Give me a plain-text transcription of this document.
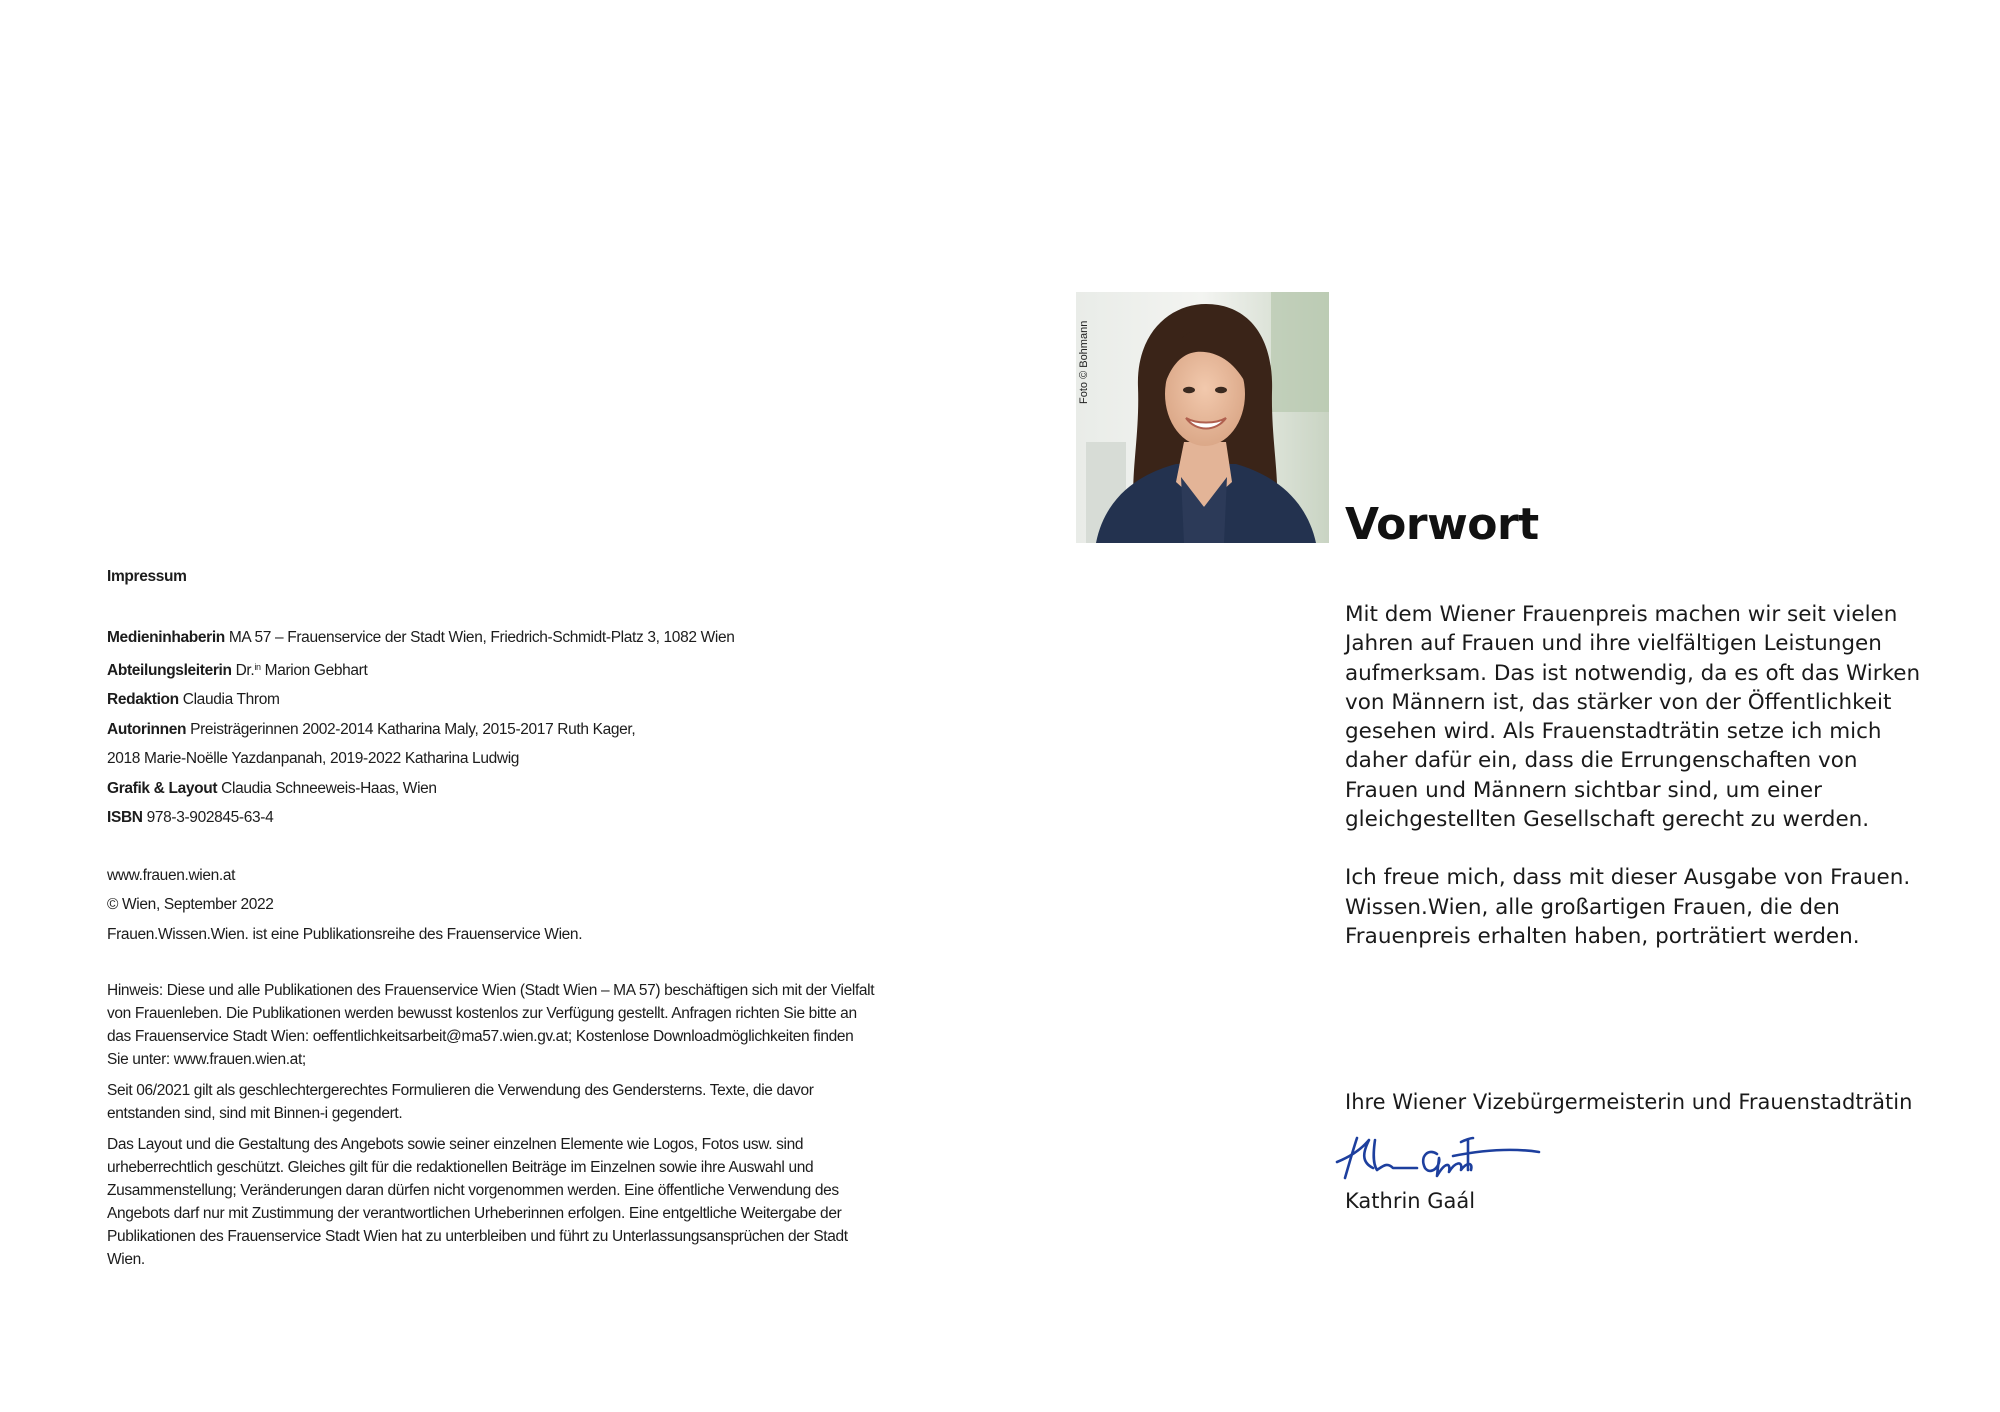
Impressum
Medieninhaberin MA 57 – Frauenservice der Stadt Wien, Friedrich-Schmidt-Platz 3, 1082 Wien
Abteilungsleiterin Dr.$^{in}$ Marion Gebhart
Redaktion Claudia Throm
Autorinnen Preisträgerinnen 2002-2014 Katharina Maly, 2015-2017 Ruth Kager,
2018 Marie-Noëlle Yazdanpanah, 2019-2022 Katharina Ludwig
Grafik & Layout Claudia Schneeweis-Haas, Wien
ISBN 978-3-902845-63-4
www.frauen.wien.at
© Wien, September 2022
Frauen.Wissen.Wien. ist eine Publikationsreihe des Frauenservice Wien.

Hinweis: Diese und alle Publikationen des Frauenservice Wien (Stadt Wien – MA 57) beschäftigen sich mit der Vielfalt von Frauenleben. Die Publikationen werden bewusst kostenlos zur Verfügung gestellt. Anfragen richten Sie bitte an das Frauenservice Stadt Wien: oeffentlichkeitsarbeit@ma57.wien.gv.at; Kostenlose Downloadmöglichkeiten finden Sie unter: www.frauen.wien.at;

Seit 06/2021 gilt als geschlechtergerechtes Formulieren die Verwendung des Gendersterns. Texte, die davor entstanden sind, sind mit Binnen-i gegendert.

Das Layout und die Gestaltung des Angebots sowie seiner einzelnen Elemente wie Logos, Fotos usw. sind urheberrechtlich geschützt. Gleiches gilt für die redaktionellen Beiträge im Einzelnen sowie ihre Auswahl und Zusammenstellung; Veränderungen daran dürfen nicht vorgenommen werden. Eine öffentliche Verwendung des Angebots darf nur mit Zustimmung der verantwortlichen Urheberinnen erfolgen. Eine entgeltliche Weitergabe der Publikationen des Frauenservice Stadt Wien hat zu unterbleiben und führt zu Unterlassungsansprüchen der Stadt Wien.

Foto © Bohmann
Vorwort

Mit dem Wiener Frauenpreis machen wir seit vielen Jahren auf Frauen und ihre vielfältigen Leistungen aufmerksam. Das ist notwendig, da es oft das Wirken von Männern ist, das stärker von der Öffentlichkeit gesehen wird. Als Frauenstadträtin setze ich mich daher dafür ein, dass die Errungenschaften von Frauen und Männern sichtbar sind, um einer gleichgestellten Gesellschaft gerecht zu werden.

Ich freue mich, dass mit dieser Ausgabe von Frauen. Wissen.Wien, alle großartigen Frauen, die den Frauenpreis erhalten haben, porträtiert werden.

Ihre Wiener Vizebürgermeisterin und Frauenstadträtin

Kathrin Gaál
